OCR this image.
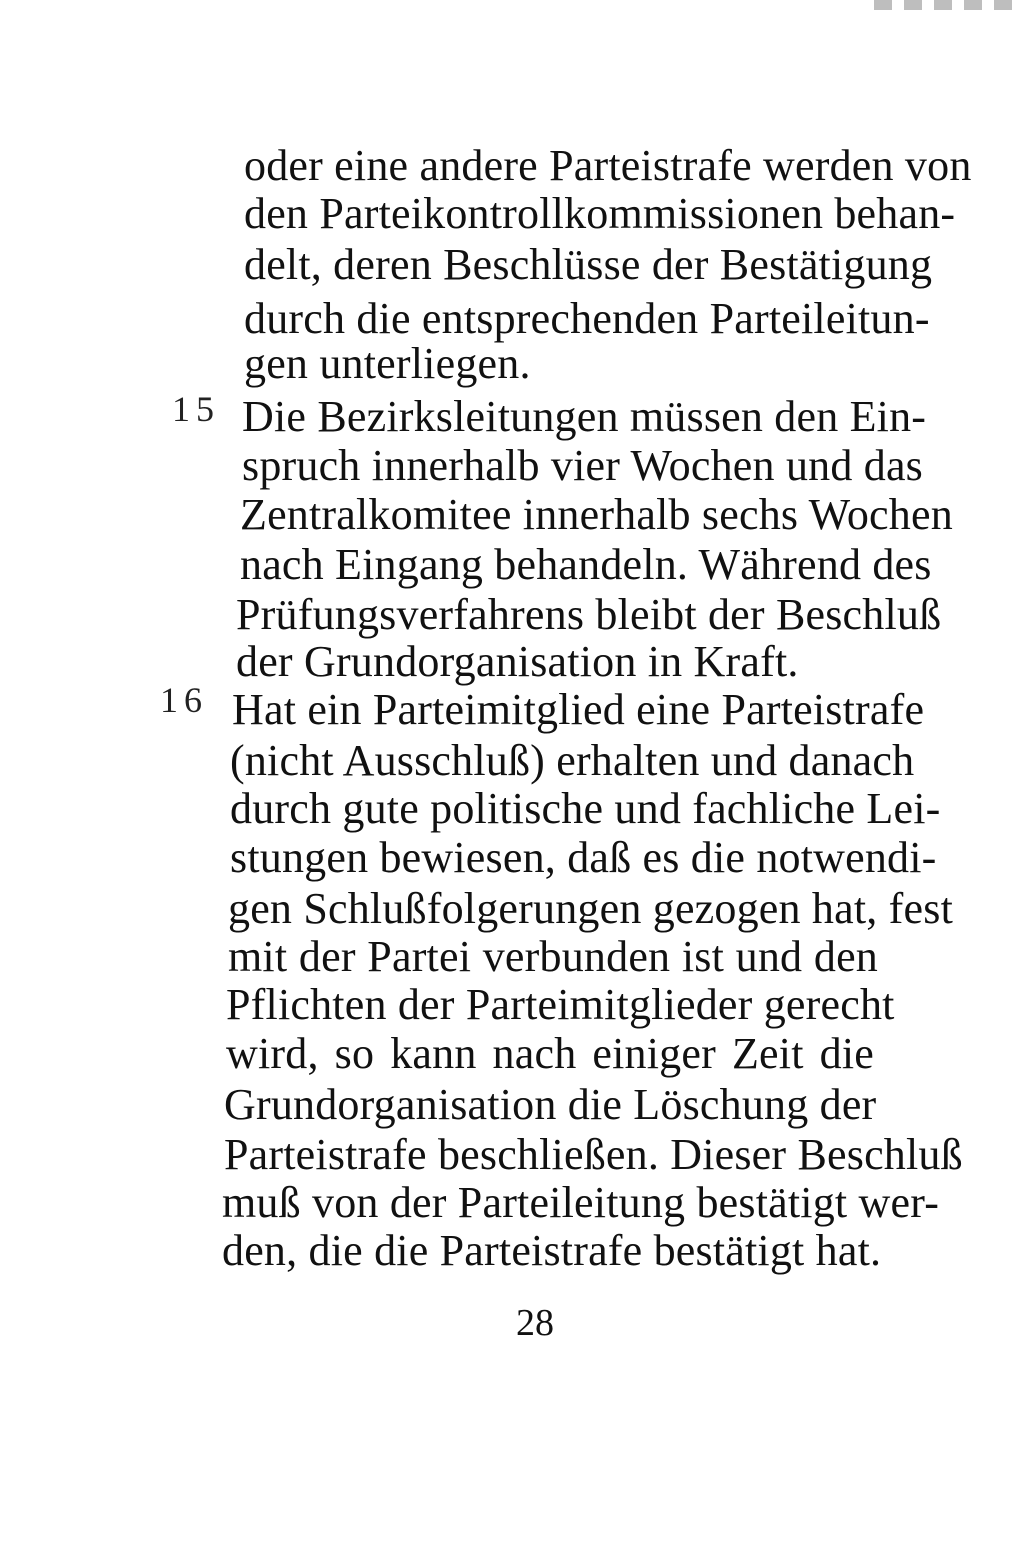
oder eine andere Parteistrafe werden von
den Parteikontrollkommissionen behan-
delt, deren Beschlüsse der Bestätigung
durch die entsprechenden Parteileitun-
gen unterliegen.
15 Die Bezirksleitungen müssen den Ein-
spruch innerhalb vier Wochen und das
Zentralkomitee innerhalb sechs Wochen
nach Eingang behandeln. Während des
Prüfungsverfahrens bleibt der Beschluß
der Grundorganisation in Kraft.
16 Hat ein Parteimitglied eine Parteistrafe
(nicht Ausschluß) erhalten und danach
durch gute politische und fachliche Lei-
stungen bewiesen, daß es die notwendi-
gen Schlußfolgerungen gezogen hat, fest
mit der Partei verbunden ist und den
Pflichten der Parteimitglieder gerecht
wird, so kann nach einiger Zeit die
Grundorganisation die Löschung der
Parteistrafe beschließen. Dieser Beschluß
muß von der Parteileitung bestätigt wer-
den, die die Parteistrafe bestätigt hat.
28
